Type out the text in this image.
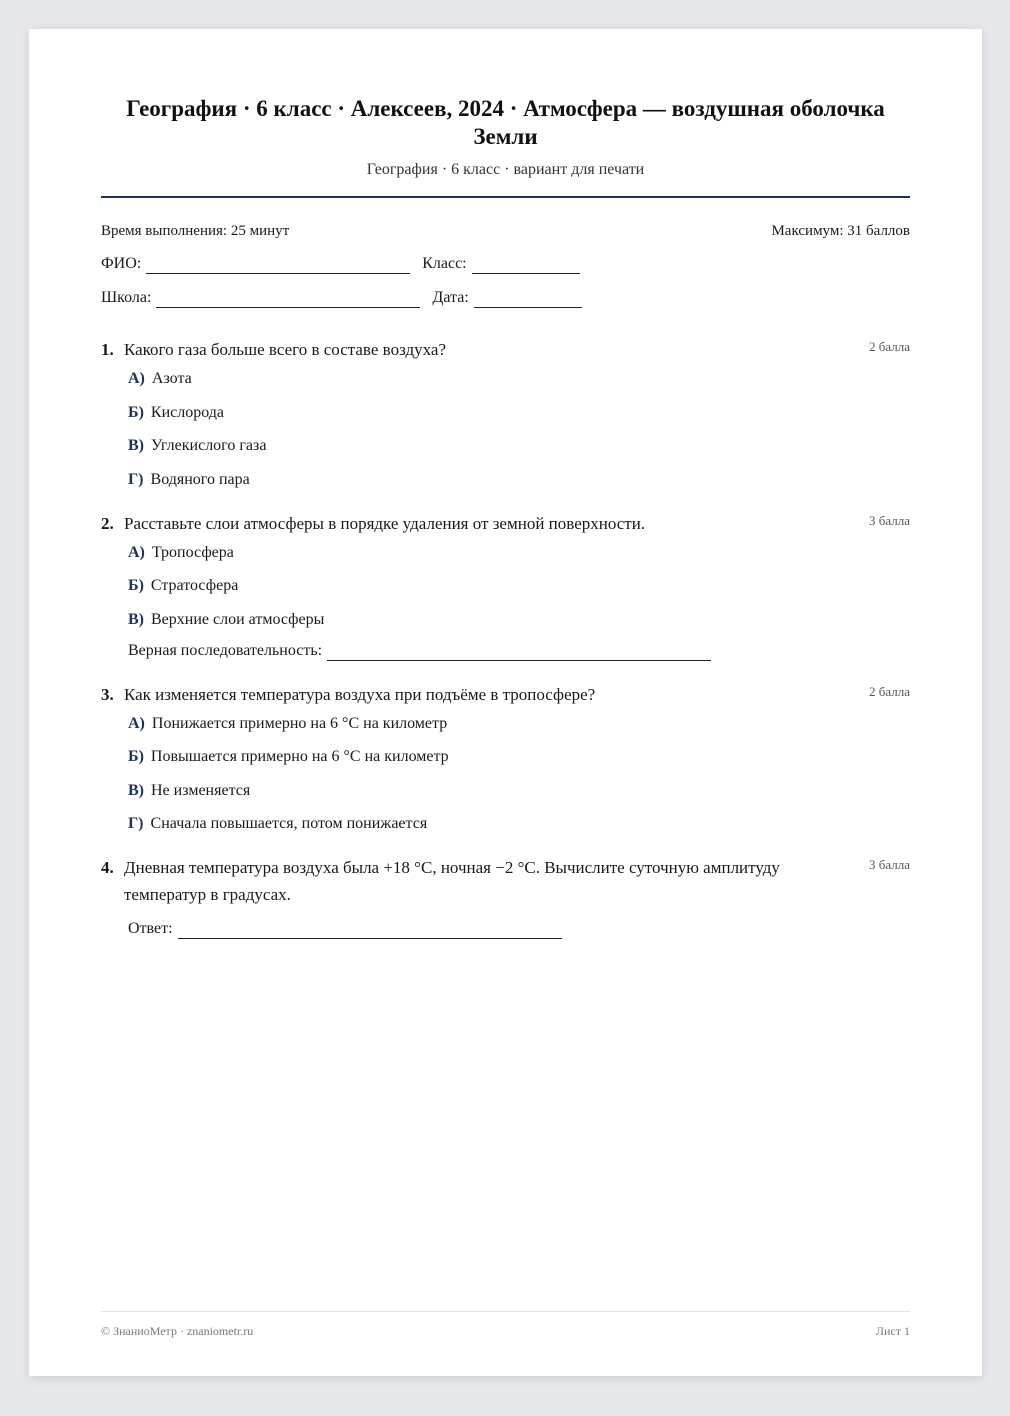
География · 6 класс · Алексеев, 2024 · Атмосфера — воздушная оболочка Земли
География · 6 класс · вариант для печати
Время выполнения: 25 минут	Максимум: 31 баллов
ФИО:	Класс:
Школа:	Дата:
1. Какого газа больше всего в составе воздуха?	2 балла
А) Азота
Б) Кислорода
В) Углекислого газа
Г) Водяного пара
2. Расставьте слои атмосферы в порядке удаления от земной поверхности.	3 балла
А) Тропосфера
Б) Стратосфера
В) Верхние слои атмосферы
Верная последовательность:
3. Как изменяется температура воздуха при подъёме в тропосфере?	2 балла
А) Понижается примерно на 6 °С на километр
Б) Повышается примерно на 6 °С на километр
В) Не изменяется
Г) Сначала повышается, потом понижается
4. Дневная температура воздуха была +18 °С, ночная −2 °С. Вычислите суточную амплитуду температур в градусах.
3 балла
Ответ:
© ЗнаниоМетр · znaniometr.ru	Лист 1
